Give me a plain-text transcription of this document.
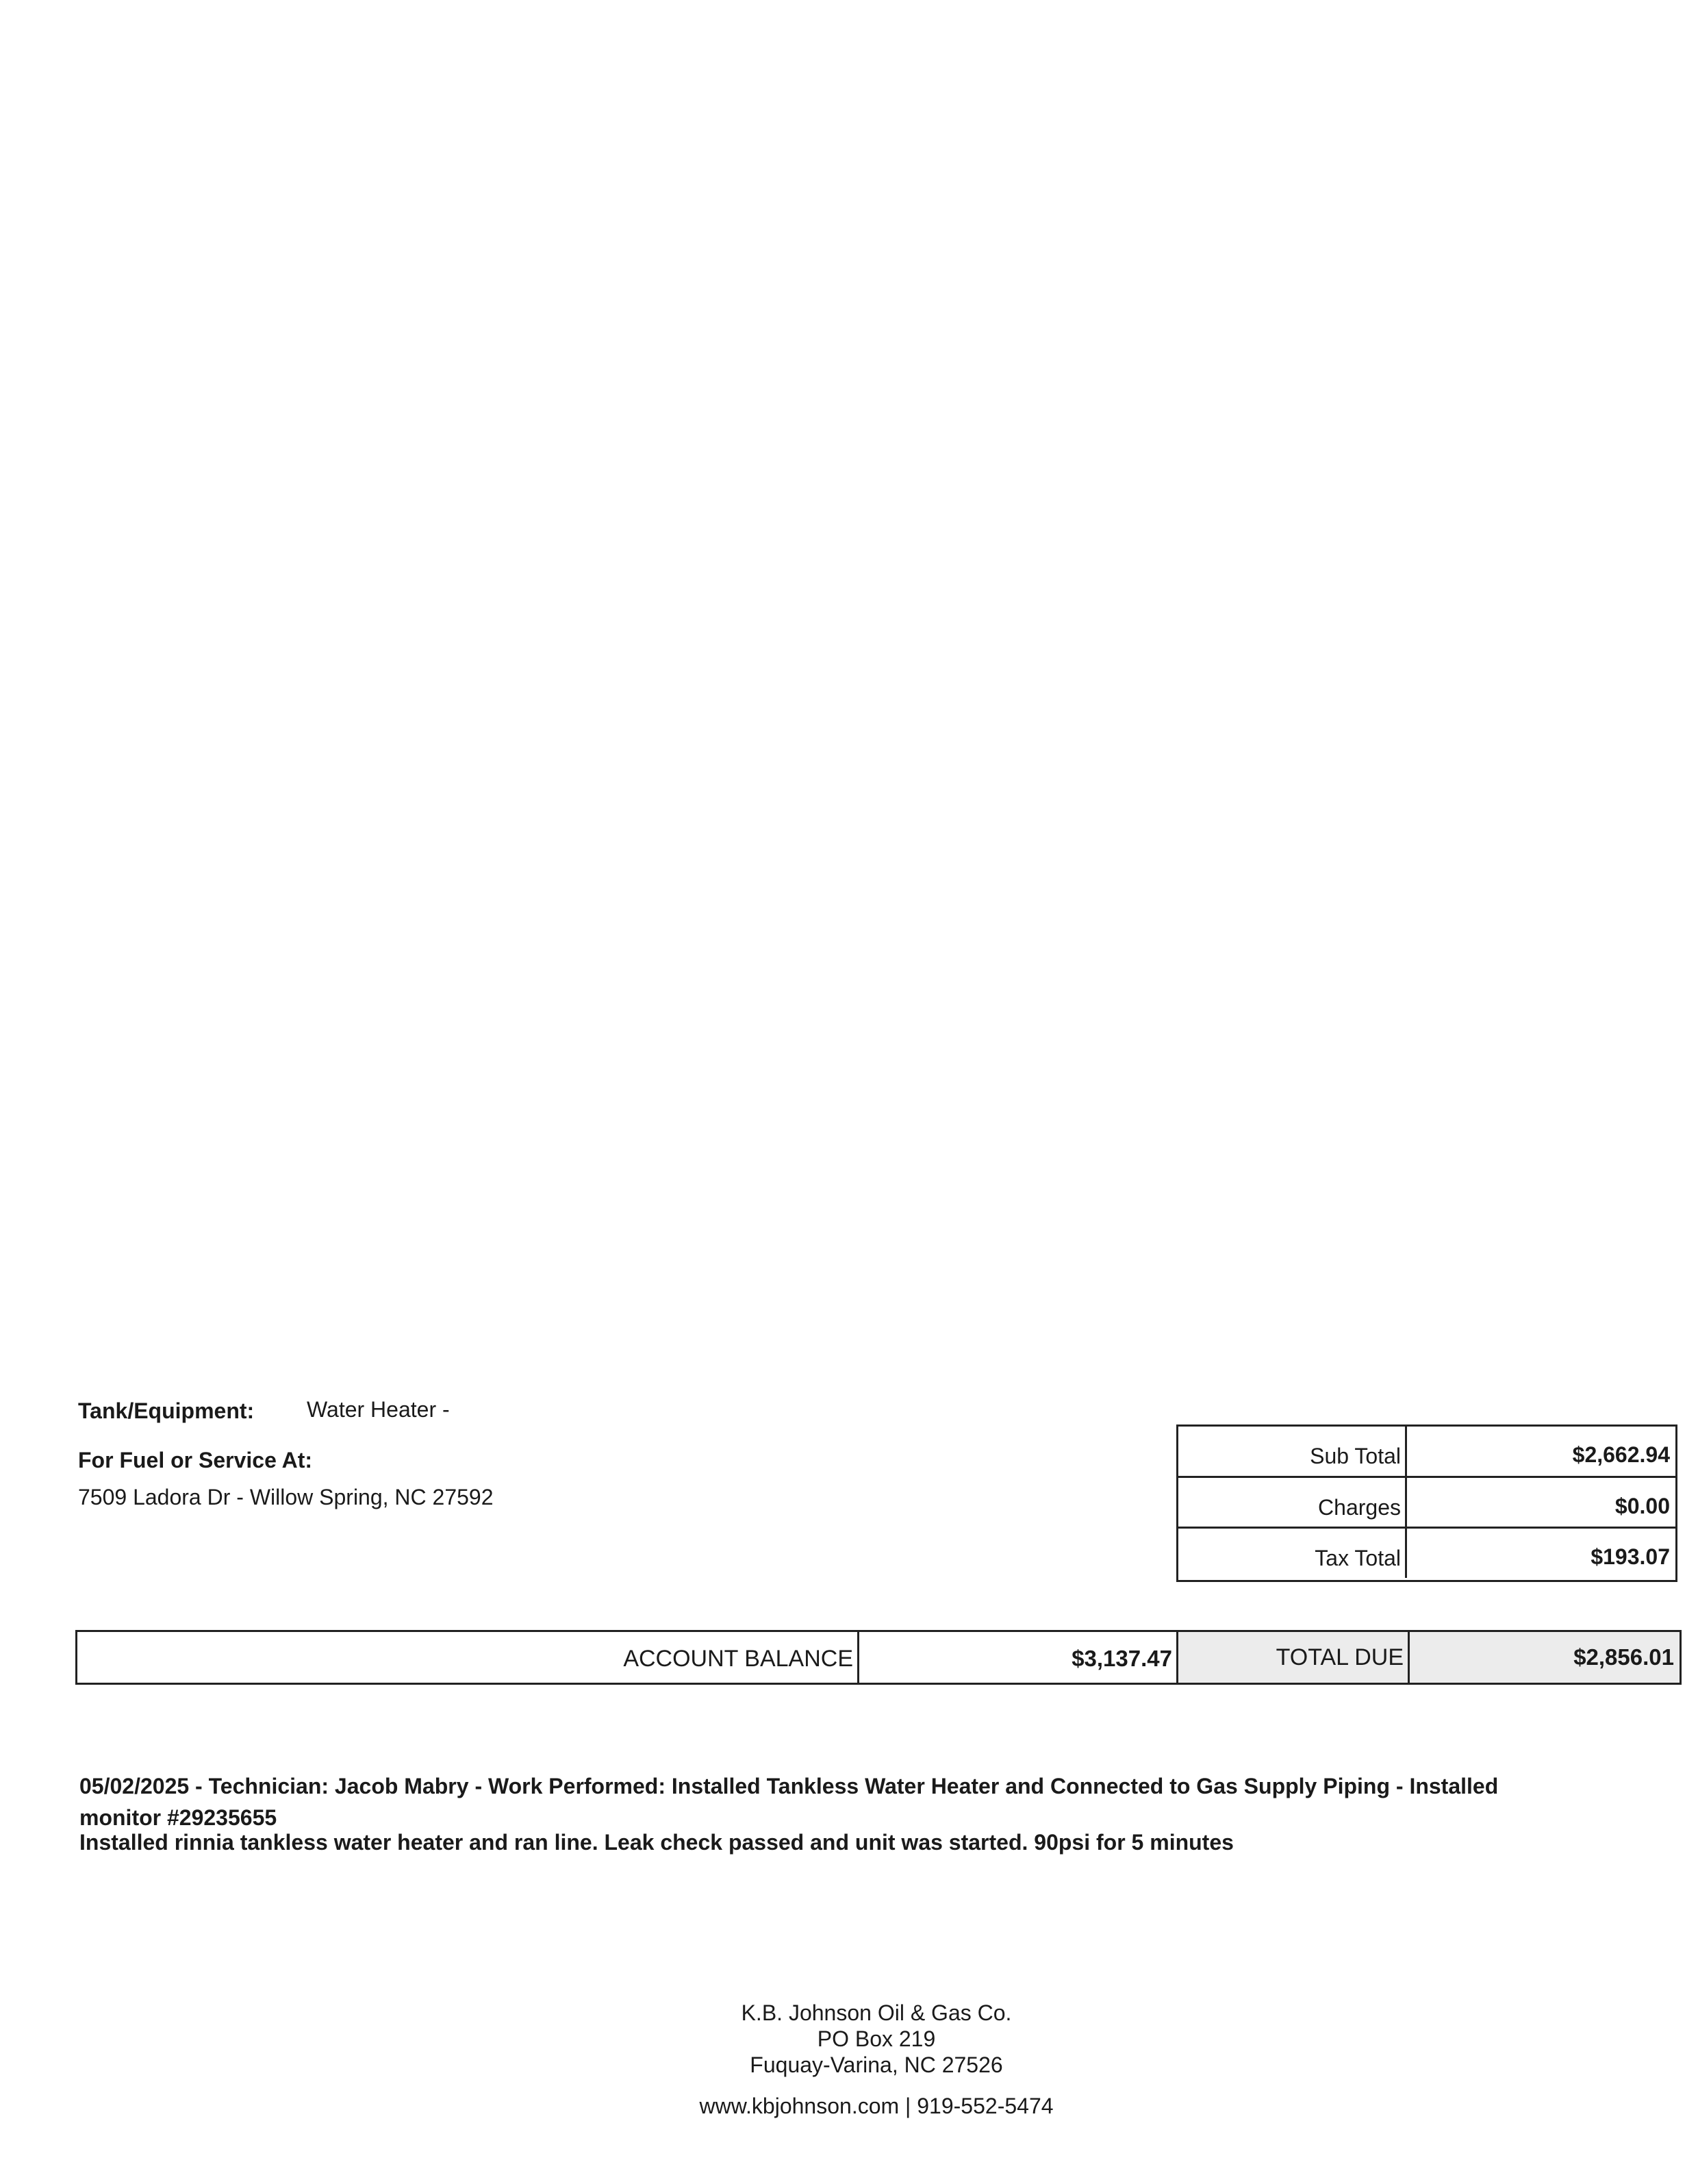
Tank/Equipment: Water Heater -
For Fuel or Service At:
7509 Ladora Dr - Willow Spring, NC 27592
Sub Total	$2,662.94
Charges	$0.00
Tax Total	$193.07
ACCOUNT BALANCE	$3,137.47	TOTAL DUE	$2,856.01
05/02/2025 - Technician: Jacob Mabry - Work Performed: Installed Tankless Water Heater and Connected to Gas Supply Piping - Installed
monitor #29235655
Installed rinnia tankless water heater and ran line. Leak check passed and unit was started. 90psi for 5 minutes
K.B. Johnson Oil & Gas Co.
PO Box 219
Fuquay-Varina, NC 27526
www.kbjohnson.com | 919-552-5474
